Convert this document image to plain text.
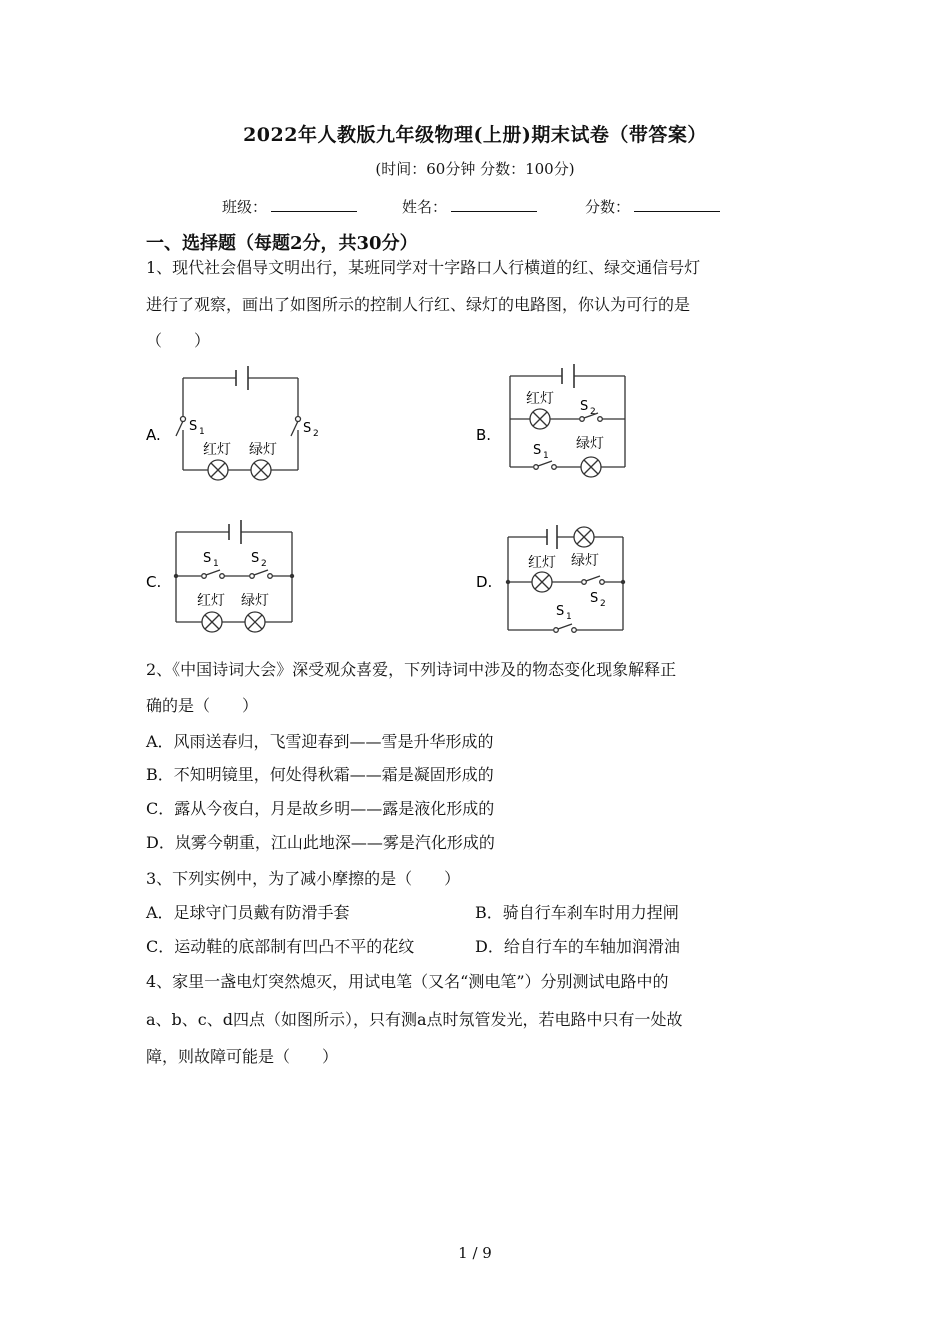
2022年人教版九年级物理(上册)期末试卷（带答案）
(时间：60分钟 分数：100分)
班级：	姓名：	分数：
一、选择题（每题2分，共30分）
1、现代社会倡导文明出行，某班同学对十字路口人行横道的红、绿交通信号灯
进行了观察，画出了如图所示的控制人行红、绿灯的电路图，你认为可行的是
（　　）
A.	B.
C.	D.
S 1	S 2
红灯 绿灯
红灯 S 2
S 1
绿灯
S 1 S 2
红灯 绿灯
红灯 绿灯
S 2
S 1
2、《中国诗词大会》深受观众喜爱，下列诗词中涉及的物态变化现象解释正
确的是（　　）
A．风雨送春归，飞雪迎春到——雪是升华形成的
B．不知明镜里，何处得秋霜——霜是凝固形成的
C．露从今夜白，月是故乡明——露是液化形成的
D．岚雾今朝重，江山此地深——雾是汽化形成的
3、下列实例中，为了减小摩擦的是（　　）
A．足球守门员戴有防滑手套	B．骑自行车刹车时用力捏闸
C．运动鞋的底部制有凹凸不平的花纹	D．给自行车的车轴加润滑油
4、家里一盏电灯突然熄灭，用试电笔（又名“测电笔”）分别测试电路中的
a、b、c、d四点（如图所示），只有测a点时氖管发光，若电路中只有一处故
障，则故障可能是（　　）
1 / 9
